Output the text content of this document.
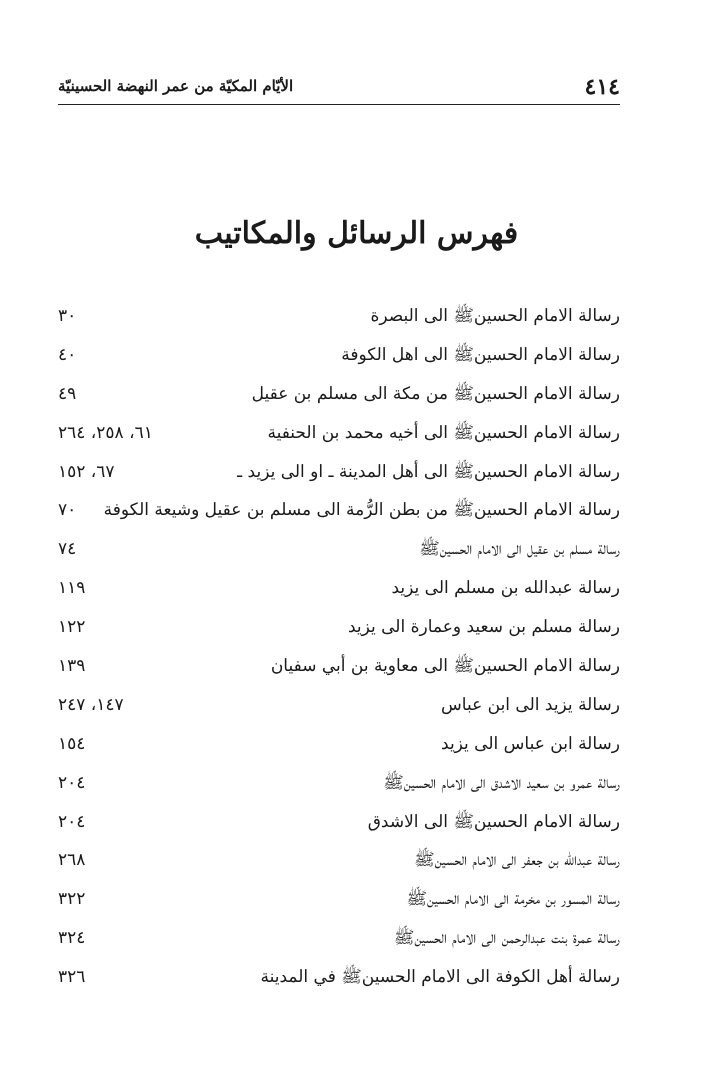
٤١٤
الأيّام المكيّة من عمر النهضة الحسينيّة
فهرس الرسائل والمكاتيب
رسالة الامام الحسين‏ﷺ الى البصرة
٣٠
رسالة الامام الحسين‏ﷺ الى اهل الكوفة
٤٠
رسالة الامام الحسين‏ﷺ من مكة الى مسلم بن عقيل
٤٩
رسالة الامام الحسين‏ﷺ الى أخيه محمد بن الحنفية
٦١، ٢٥٨، ٢٦٤
رسالة الامام الحسين‏ﷺ الى أهل المدينة ـ او الى يزيد ـ
٦٧، ١٥٢
رسالة الامام الحسين‏ﷺ من بطن الرُّمة الى مسلم بن عقيل وشيعة الكوفة
٧٠
رسالة مسلم بن عقيل الى الامام الحسين‏ﷺ
٧٤
رسالة عبدالله بن مسلم الى يزيد
١١٩
رسالة مسلم بن سعيد وعمارة الى يزيد
١٢٢
رسالة الامام الحسين‏ﷺ الى معاوية بن أبي سفيان
١٣٩
رسالة يزيد الى ابن عباس
١٤٧، ٢٤٧
رسالة ابن عباس الى يزيد
١٥٤
رسالة عمرو بن سعيد الاشدق الى الامام الحسين‏ﷺ
٢٠٤
رسالة الامام الحسين‏ﷺ الى الاشدق
٢٠٤
رسالة عبدالله بن جعفر الى الامام الحسين‏ﷺ
٢٦٨
رسالة المسور بن مخرمة الى الامام الحسين‏ﷺ
٣٢٢
رسالة عمرة بنت عبدالرحمن الى الامام الحسين‏ﷺ
٣٢٤
رسالة أهل الكوفة الى الامام الحسين‏ﷺ في المدينة
٣٢٦
